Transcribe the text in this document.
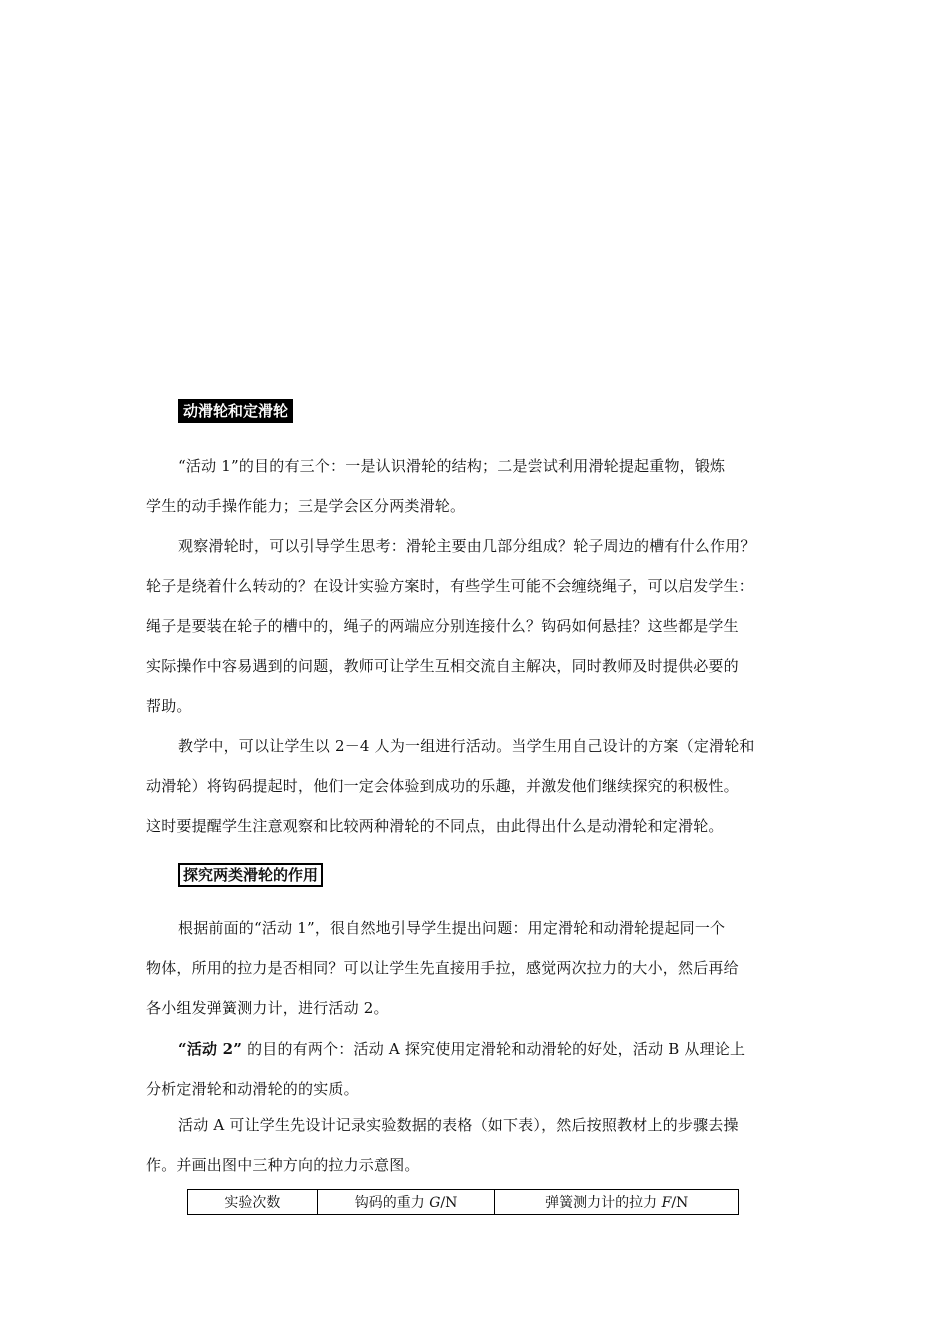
动滑轮和定滑轮
“活动 1”的目的有三个：一是认识滑轮的结构；二是尝试利用滑轮提起重物，锻炼
学生的动手操作能力；三是学会区分两类滑轮。
观察滑轮时，可以引导学生思考：滑轮主要由几部分组成？轮子周边的槽有什么作用？
轮子是绕着什么转动的？在设计实验方案时，有些学生可能不会缠绕绳子，可以启发学生：
绳子是要装在轮子的槽中的，绳子的两端应分别连接什么？钩码如何悬挂？这些都是学生
实际操作中容易遇到的问题，教师可让学生互相交流自主解决，同时教师及时提供必要的
帮助。
教学中，可以让学生以 2－4 人为一组进行活动。当学生用自己设计的方案（定滑轮和
动滑轮）将钩码提起时，他们一定会体验到成功的乐趣，并激发他们继续探究的积极性。
这时要提醒学生注意观察和比较两种滑轮的不同点，由此得出什么是动滑轮和定滑轮。
探究两类滑轮的作用
根据前面的“活动 1”，很自然地引导学生提出问题：用定滑轮和动滑轮提起同一个
物体，所用的拉力是否相同？可以让学生先直接用手拉，感觉两次拉力的大小，然后再给
各小组发弹簧测力计，进行活动 2。
“活动 2” 的目的有两个：活动 A 探究使用定滑轮和动滑轮的好处，活动 B 从理论上
分析定滑轮和动滑轮的的实质。
活动 A 可让学生先设计记录实验数据的表格（如下表），然后按照教材上的步骤去操
作。并画出图中三种方向的拉力示意图。
实验次数	钩码的重力 G/N	弹簧测力计的拉力 F/N
